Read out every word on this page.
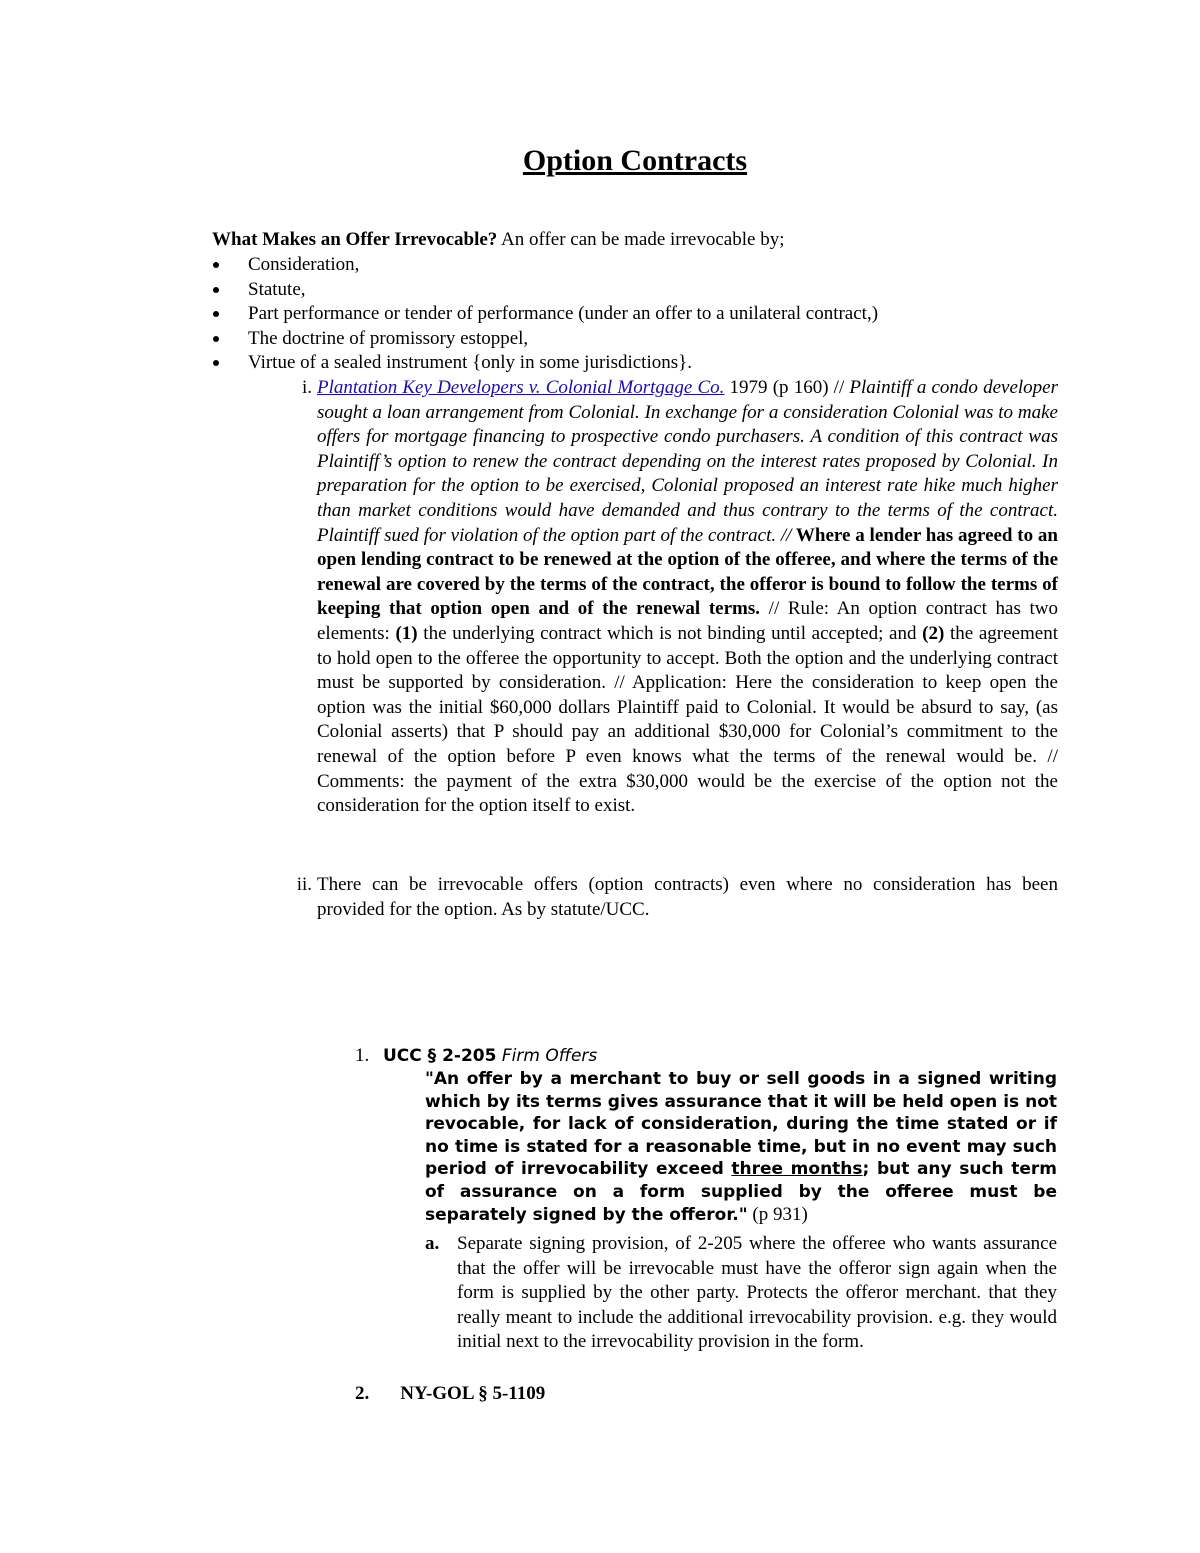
Option Contracts
What Makes an Offer Irrevocable? An offer can be made irrevocable by;
Consideration,
Statute,
Part performance or tender of performance (under an offer to a unilateral contract,)
The doctrine of promissory estoppel,
Virtue of a sealed instrument {only in some jurisdictions}.
i. Plantation Key Developers v. Colonial Mortgage Co. 1979 (p 160) // Plaintiff a condo developer sought a loan arrangement from Colonial. In exchange for a consideration Colonial was to make offers for mortgage financing to prospective condo purchasers. A condition of this contract was Plaintiff’s option to renew the contract depending on the interest rates proposed by Colonial. In preparation for the option to be exercised, Colonial proposed an interest rate hike much higher than market conditions would have demanded and thus contrary to the terms of the contract. Plaintiff sued for violation of the option part of the contract. // Where a lender has agreed to an open lending contract to be renewed at the option of the offeree, and where the terms of the renewal are covered by the terms of the contract, the offeror is bound to follow the terms of keeping that option open and of the renewal terms. // Rule: An option contract has two elements: (1) the underlying contract which is not binding until accepted; and (2) the agreement to hold open to the offeree the opportunity to accept. Both the option and the underlying contract must be supported by consideration. // Application: Here the consideration to keep open the option was the initial $60,000 dollars Plaintiff paid to Colonial. It would be absurd to say, (as Colonial asserts) that P should pay an additional $30,000 for Colonial’s commitment to the renewal of the option before P even knows what the terms of the renewal would be. // Comments: the payment of the extra $30,000 would be the exercise of the option not the consideration for the option itself to exist.
ii. There can be irrevocable offers (option contracts) even where no consideration has been provided for the option. As by statute/UCC.
1. UCC § 2-205 Firm Offers
"An offer by a merchant to buy or sell goods in a signed writing which by its terms gives assurance that it will be held open is not revocable, for lack of consideration, during the time stated or if no time is stated for a reasonable time, but in no event may such period of irrevocability exceed three months; but any such term of assurance on a form supplied by the offeree must be separately signed by the offeror." (p 931)
a. Separate signing provision, of 2-205 where the offeree who wants assurance that the offer will be irrevocable must have the offeror sign again when the form is supplied by the other party. Protects the offeror merchant. that they really meant to include the additional irrevocability provision. e.g. they would initial next to the irrevocability provision in the form.
2. NY-GOL § 5-1109
